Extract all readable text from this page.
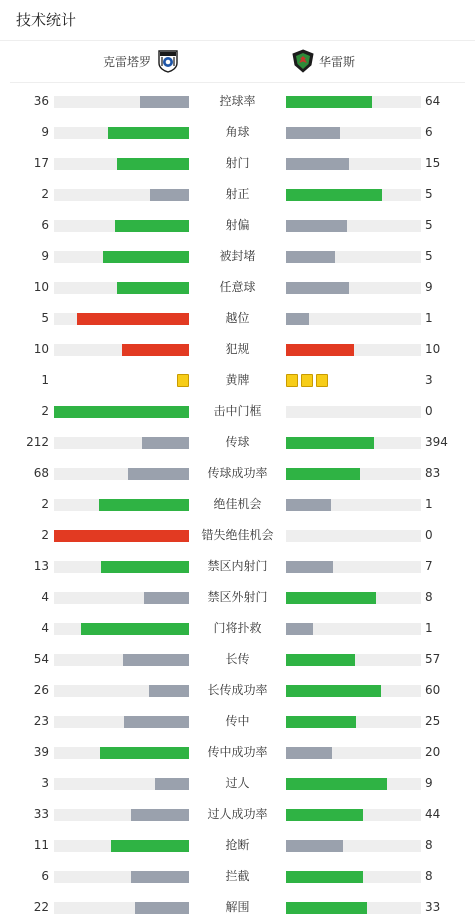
技术统计
克雷塔罗	华雷斯
36	控球率	64
9	角球	6
17	射门	15
2	射正	5
6	射偏	5
9	被封堵	5
10	任意球	9
5	越位	1
10	犯规	10
1	黄牌	3
2	击中门框	0
212	传球	394
68	传球成功率	83
2	绝佳机会	1
2	错失绝佳机会	0
13	禁区内射门	7
4	禁区外射门	8
4	门将扑救	1
54	长传	57
26	长传成功率	60
23	传中	25
39	传中成功率	20
3	过人	9
33	过人成功率	44
11	抢断	8
6	拦截	8
22	解围	33
